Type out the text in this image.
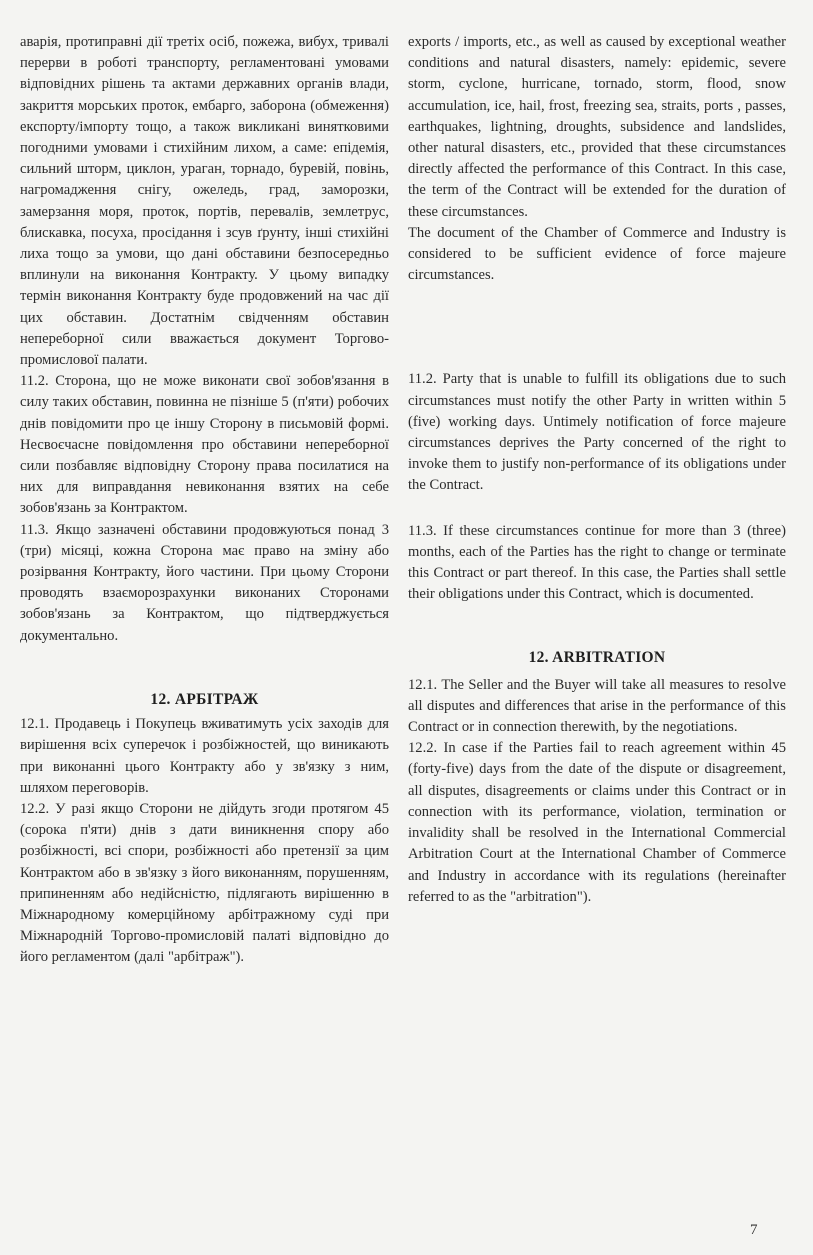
аварія, протиправні дії третіх осіб, пожежа, вибух, тривалі перерви в роботі транспорту, регламентовані умовами відповідних рішень та актами державних органів влади, закриття морських проток, ембарго, заборона (обмеження) експорту/імпорту тощо, а також викликані винятковими погодними умовами і стихійним лихом, а саме: епідемія, сильний шторм, циклон, ураган, торнадо, буревій, повінь, нагромадження снігу, ожеледь, град, заморозки, замерзання моря, проток, портів, перевалів, землетрус, блискавка, посуха, просідання і зсув ґрунту, інші стихійні лиха тощо за умови, що дані обставини безпосередньо вплинули на виконання Контракту. У цьому випадку термін виконання Контракту буде продовжений на час дії цих обставин. Достатнім свідченням обставин непереборної сили вважається документ Торгово-промислової палати.

11.2. Сторона, що не може виконати свої зобов'язання в силу таких обставин, повинна не пізніше 5 (п'яти) робочих днів повідомити про це іншу Сторону в письмовій формі. Несвоєчасне повідомлення про обставини непереборної сили позбавляє відповідну Сторону права посилатися на них для виправдання невиконання взятих на себе зобов'язань за Контрактом.

11.3. Якщо зазначені обставини продовжуються понад 3 (три) місяці, кожна Сторона має право на зміну або розірвання Контракту, його частини. При цьому Сторони проводять взаєморозрахунки виконаних Сторонами зобов'язань за Контрактом, що підтверджується документально.

12. АРБІТРАЖ

12.1. Продавець і Покупець вживатимуть усіх заходів для вирішення всіх суперечок і розбіжностей, що виникають при виконанні цього Контракту або у зв'язку з ним, шляхом переговорів.

12.2. У разі якщо Сторони не дійдуть згоди протягом 45 (сорока п'яти) днів з дати виникнення спору або розбіжності, всі спори, розбіжності або претензії за цим Контрактом або в зв'язку з його виконанням, порушенням, припиненням або недійсністю, підлягають вирішенню в Міжнародному комерційному арбітражному суді при Міжнародній Торгово-промисловій палаті відповідно до його регламентом (далі "арбітраж").

exports / imports, etc., as well as caused by exceptional weather conditions and natural disasters, namely: epidemic, severe storm, cyclone, hurricane, tornado, storm, flood, snow accumulation, ice, hail, frost, freezing sea, straits, ports , passes, earthquakes, lightning, droughts, subsidence and landslides, other natural disasters, etc., provided that these circumstances directly affected the performance of this Contract. In this case, the term of the Contract will be extended for the duration of these circumstances.

The document of the Chamber of Commerce and Industry is considered to be sufficient evidence of force majeure circumstances.

11.2. Party that is unable to fulfill its obligations due to such circumstances must notify the other Party in written within 5 (five) working days. Untimely notification of force majeure circumstances deprives the Party concerned of the right to invoke them to justify non-performance of its obligations under the Contract.

11.3. If these circumstances continue for more than 3 (three) months, each of the Parties has the right to change or terminate this Contract or part thereof. In this case, the Parties shall settle their obligations under this Contract, which is documented.

12. ARBITRATION

12.1. The Seller and the Buyer will take all measures to resolve all disputes and differences that arise in the performance of this Contract or in connection therewith, by the negotiations.

12.2. In case if the Parties fail to reach agreement within 45 (forty-five) days from the date of the dispute or disagreement, all disputes, disagreements or claims under this Contract or in connection with its performance, violation, termination or invalidity shall be resolved in the International Commercial Arbitration Court at the International Chamber of Commerce and Industry in accordance with its regulations (hereinafter referred to as the "arbitration").

7
